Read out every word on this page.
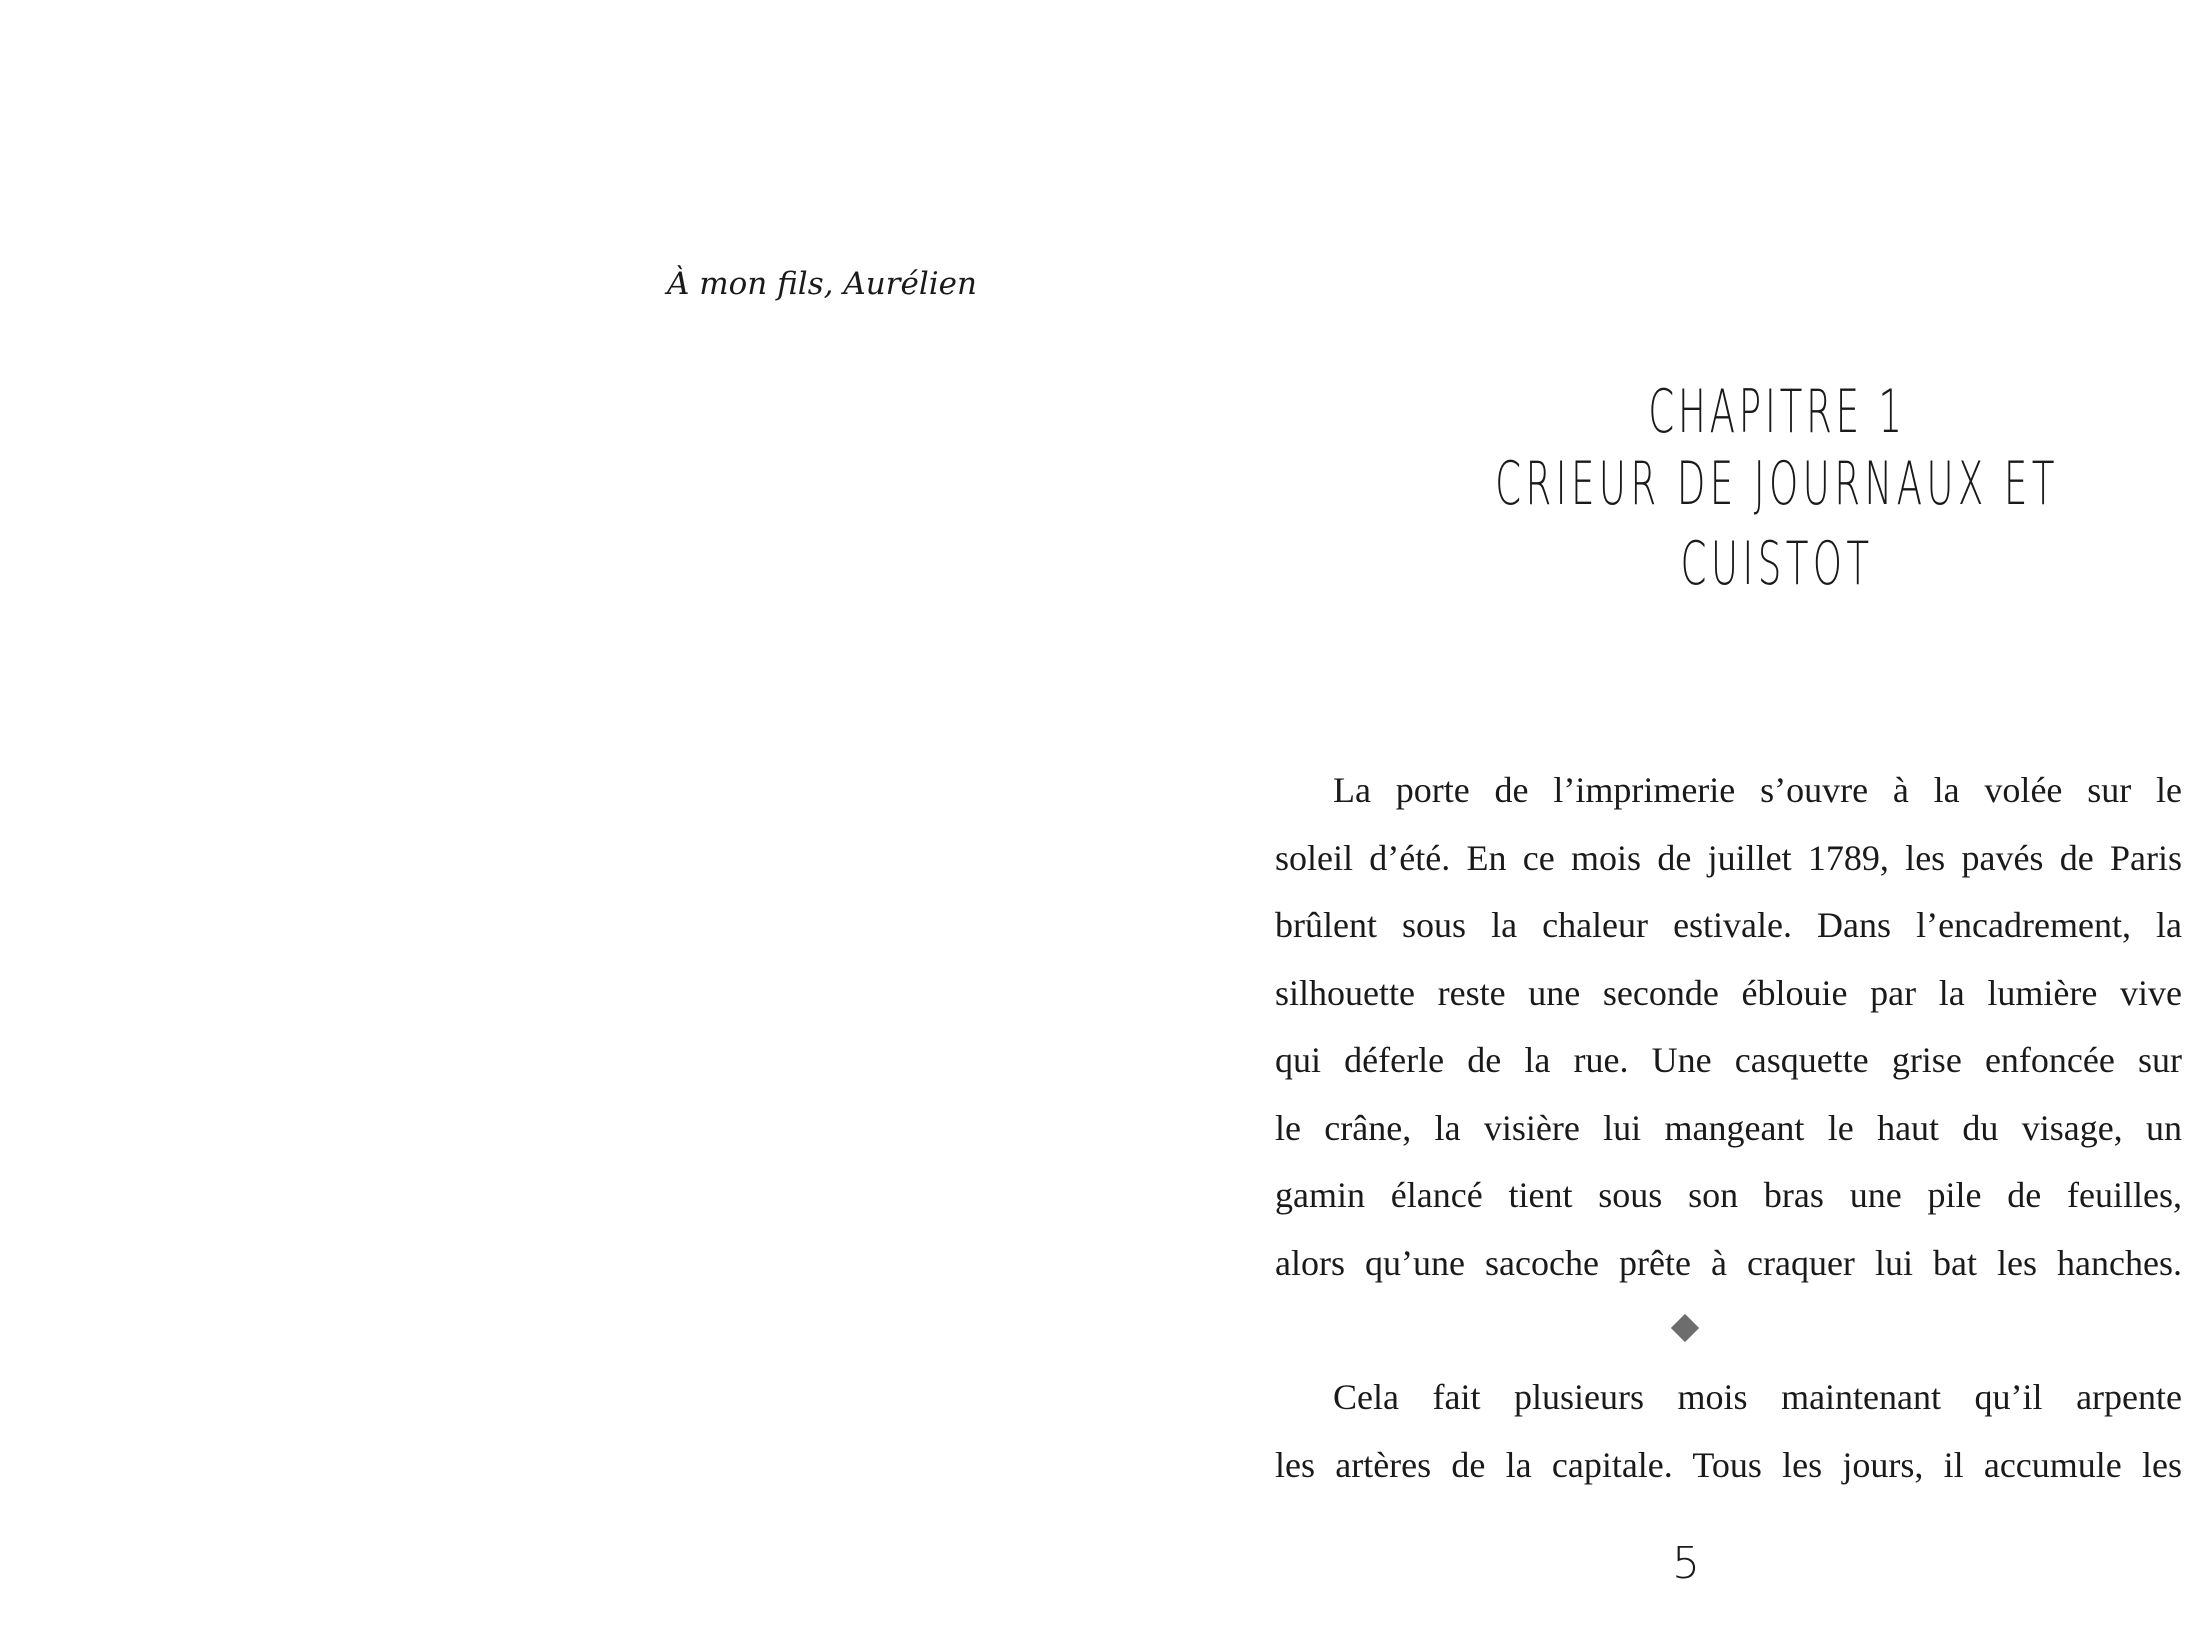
À mon fils, Aurélien
CHAPITRE 1
CRIEUR DE JOURNAUX ET CUISTOT
La porte de l’imprimerie s’ouvre à la volée sur le
soleil d’été. En ce mois de juillet 1789, les pavés de Paris
brûlent sous la chaleur estivale. Dans l’encadrement, la
silhouette reste une seconde éblouie par la lumière vive
qui déferle de la rue. Une casquette grise enfoncée sur
le crâne, la visière lui mangeant le haut du visage, un
gamin élancé tient sous son bras une pile de feuilles,
alors qu’une sacoche prête à craquer lui bat les hanches.
Cela fait plusieurs mois maintenant qu’il arpente
les artères de la capitale. Tous les jours, il accumule les
5
